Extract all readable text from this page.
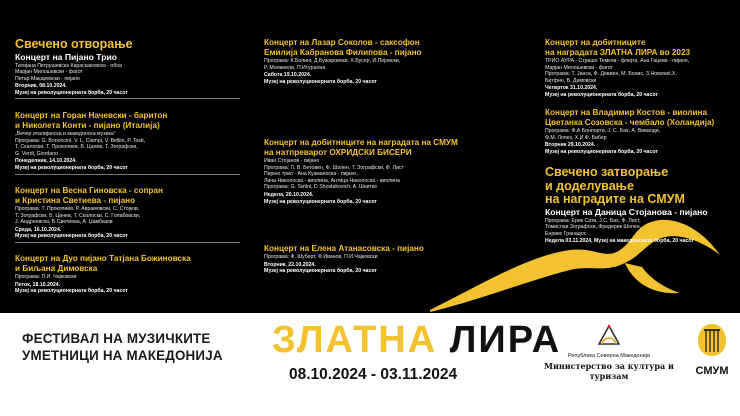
Свечено отворање
Концерт на Пијано Трио
Татијана Петрушевска Караскаковска - обоа
Марјан Милошевски - фагот
Петар Макаревски - пијано
Вторник, 08.10.2024.
Музеј на револуционерната борба, 20 часот
Концерт на Горан Начевски - баритон
и Николета Конти - пијано (Италија)
„Вечер италијанска и македонска музика“
Програма: G. Bononcini, V. L. Ciampi, V. Bellini, P. Tosti,
Т. Скалоски, Т. Прокопиев, Б. Цанев, Т. Зографски,
G. Verdi, Giordano
Понеделник, 14.10.2024.
Музеј на револуционерната борба, 20 часот
Концерт на Весна Гиновска - сопран
и Кристина Светиева - пијано
Програма: Т. Прокопиев, Р. Аврамовски, С. Стојков,
Т. Зографски, Б. Цанев, Т. Скалоски, С. Голабовски,
Ј. Андреевска, Б.Светиева, А. Џамбазов
Среда, 16.10.2024.
Музеј на револуционерната борба, 20 часот
Концерт на Дуо пијано Татјана Божиновска
и Биљана Димовска
Програма: П.И. Чајковски
Петок, 18.10.2024.
Музеј на револуционерната борба, 20 часот
Концерт на Лазар Соколов - саксофон
Емилија Кабранова Филипова - пијано
Програма: К.Болинг, Д.Бужаровски, Х.Бусер, И.Пејовски,
Р. Молинели, П.Итурална
Сабота 19.10.2024.
Музеј на револуционерната борба, 20 часот
Концерт на добитниците на наградата на СМУМ
на натпреварот ОХРИДСКИ БИСЕРИ
Иван Стојанов - пијано
Програма: Л. В. Бетовен, Ф. Шопен, Т. Зографски, Ф. Лист
Пијано трио - Ана Кузманоска - пијано,
Лина Николоска - виолина, Антица Николоска - виолина
Програма: G. Tartini, D Shostakovich, A. Шнитке
Недела, 20.10.2024.
Музеј на револуционерната борба, 20 часот
Концерт на Елена Атанасовска - пијано
Програма: Ф. Шуберт, Ф.Иванов, П.И.Чајковски
Вторник, 22.10.2024.
Музеј на револуционерната борба, 20 часот
Концерт на добитниците
на наградата ЗЛАТНА ЛИРА во 2023
ТРИО АУРА - Страшо Темков - флејта, Ана Гацева - пијано,
Марјан Милошевски - фагот
Програма: Т. Јанса, Ф. Девиен, М. Бонис, З.Новачиќ,Х.
Битфин, В. Димовски
Четврток 31.10.2024.
Музеј на револуционерната борба, 20 часот
Концерт на Владимир Костов - виолина
Цветанка Созовска - чембало (Холандија)
Програма: Ф.А Бонпорти, Ј. С. Бах, А. Вивалди,
Ф.М. Лопез, Х.И.Ф. Бибер
Вторник 29.10.2024.
Музеј на револуционерната борба, 20 часот
Свечено затворање
и доделување
на наградите на СМУМ
Концерт на Даница Стојанова - пијано
Програма: Ерик Сати, Ј.С. Бах, Ф. Лист,
Томислав Зографски, Фредерик Шопен,
Енрике Гранадос
Недела 03.11.2024, Музеј на македонската борба, 20 часот
ФЕСТИВАЛ НА МУЗИЧКИТЕ
УМЕТНИЦИ НА МАКЕДОНИЈА	ЗЛАТНА ЛИРА
08.10.2024 - 03.11.2024
Република Северна Македонија
Министерство за култура и туризам	СМУМ
